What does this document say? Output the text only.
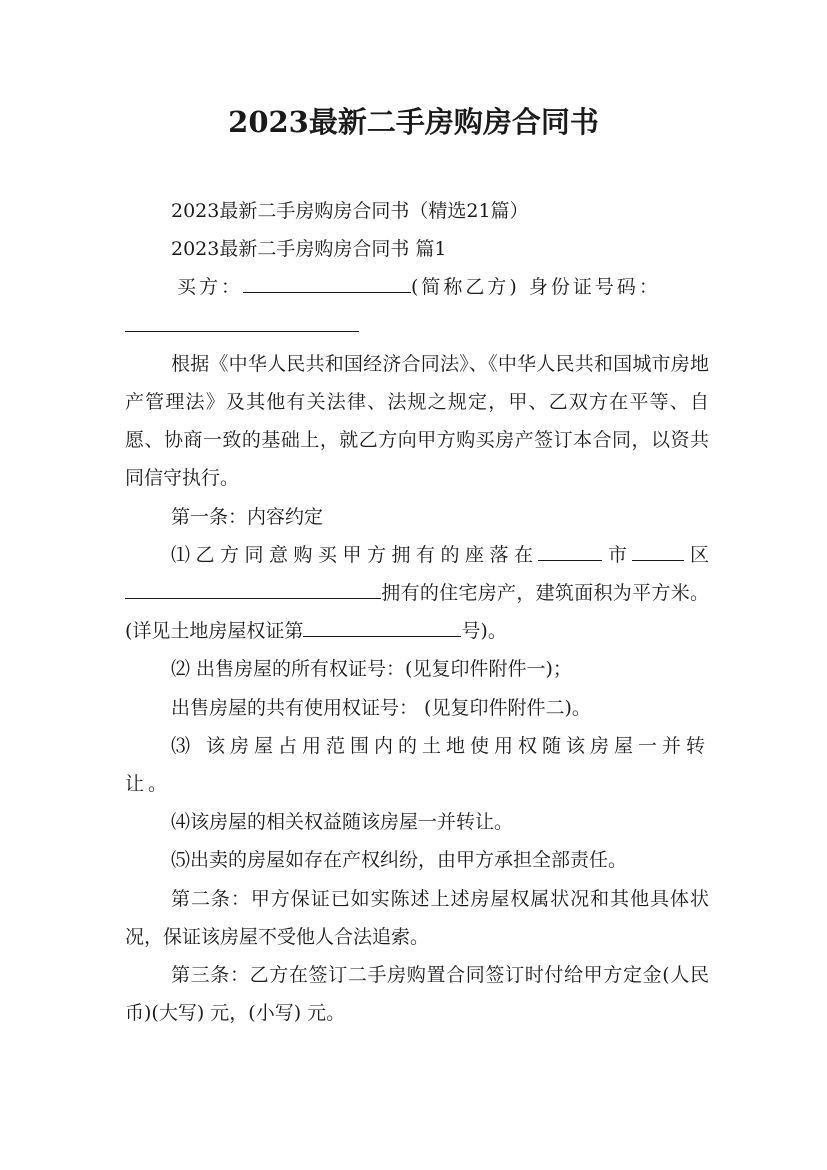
2023最新二手房购房合同书

2023最新二手房购房合同书（精选21篇）

2023最新二手房购房合同书 篇1

买方：	(简称乙方) 身份证号码：

根据《中华人民共和国经济合同法》、《中华人民共和国城市房地产管理法》及其他有关法律、法规之规定，甲、乙双方在平等、自愿、协商一致的基础上，就乙方向甲方购买房产签订本合同，以资共同信守执行。

第一条：内容约定

⑴乙方同意购买甲方拥有的座落在	市	区拥有的住宅房产，建筑面积为平方米。(详见土地房屋权证第	号)。

⑵ 出售房屋的所有权证号：(见复印件附件一)；

出售房屋的共有使用权证号： (见复印件附件二)。

⑶ 该房屋占用范围内的土地使用权随该房屋一并转让。

⑷该房屋的相关权益随该房屋一并转让。

⑸出卖的房屋如存在产权纠纷，由甲方承担全部责任。

第二条：甲方保证已如实陈述上述房屋权属状况和其他具体状况，保证该房屋不受他人合法追索。

第三条：乙方在签订二手房购置合同签订时付给甲方定金(人民币)(大写) 元，(小写) 元。
